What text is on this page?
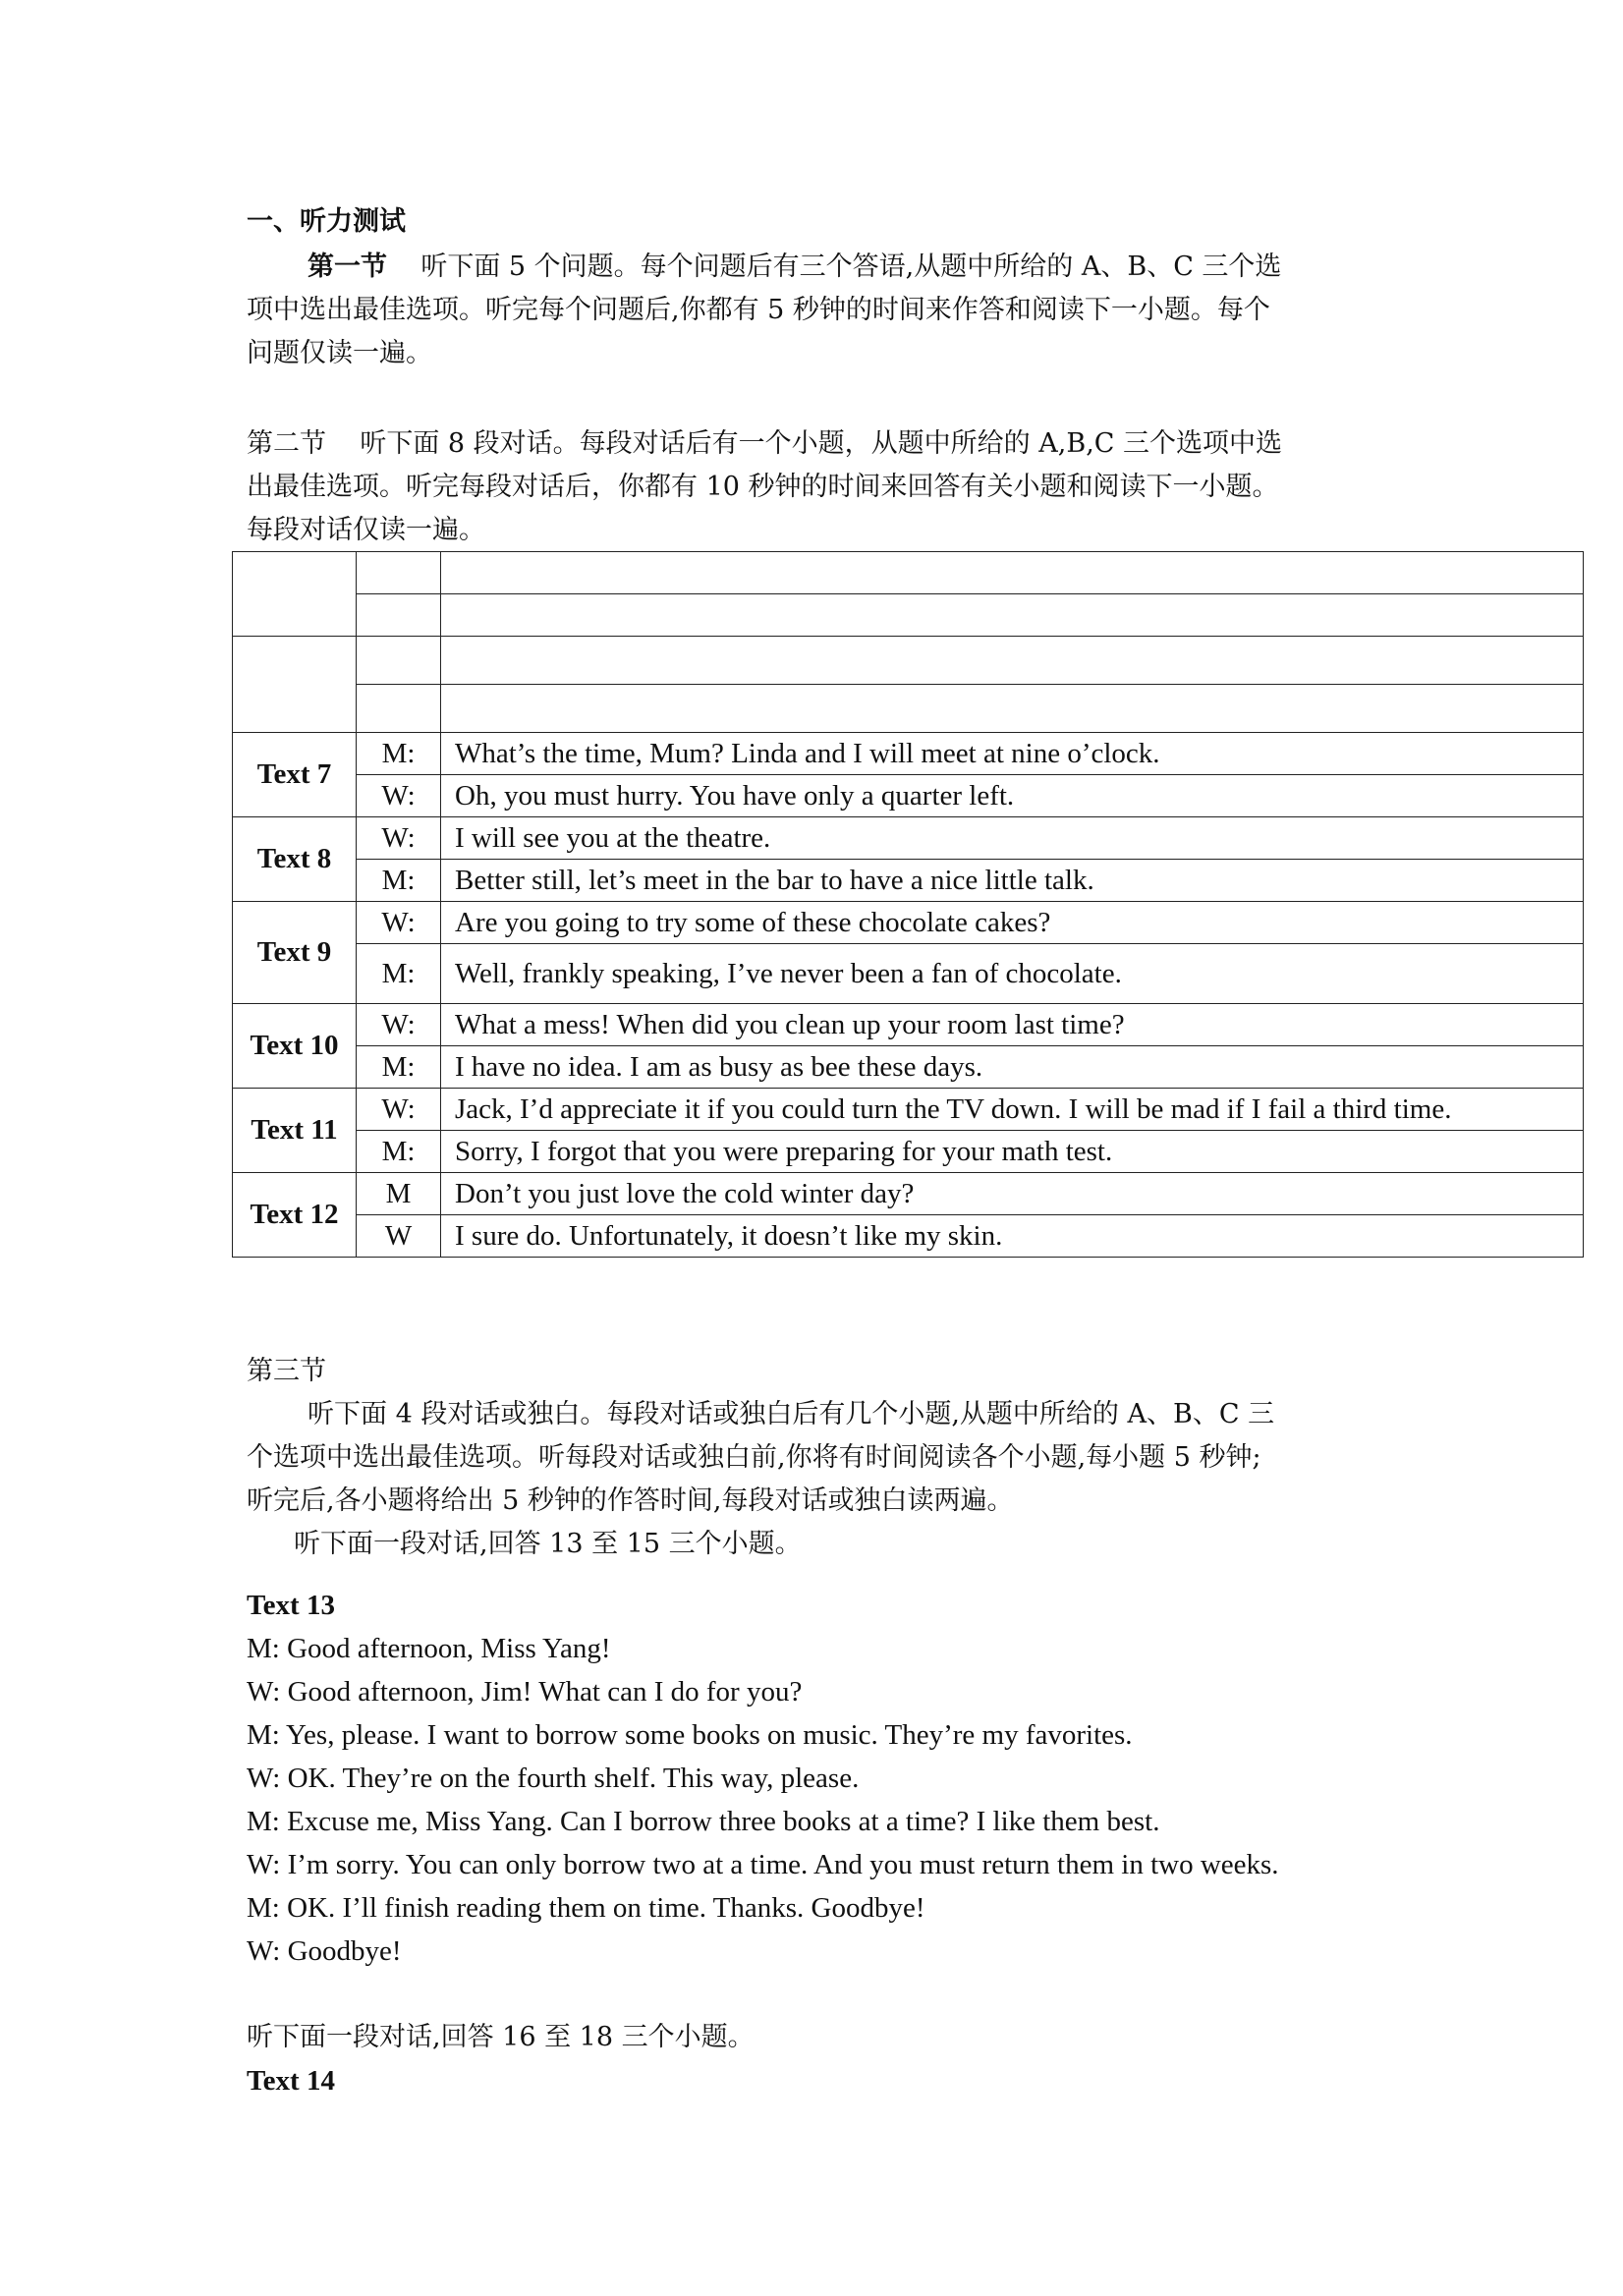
一、听力测试
第一节 听下面 5 个问题。每个问题后有三个答语,从题中所给的 A、B、C 三个选
项中选出最佳选项。听完每个问题后,你都有 5 秒钟的时间来作答和阅读下一小题。每个
问题仅读一遍。
第二节 听下面 8 段对话。每段对话后有一个小题，从题中所给的 A,B,C 三个选项中选
出最佳选项。听完每段对话后，你都有 10 秒钟的时间来回答有关小题和阅读下一小题。
每段对话仅读一遍。

Text 7	M:	What’s the time, Mum? Linda and I will meet at nine o’clock.
	W:	Oh, you must hurry. You have only a quarter left.
Text 8	W:	I will see you at the theatre.
	M:	Better still, let’s meet in the bar to have a nice little talk.
Text 9	W:	Are you going to try some of these chocolate cakes?
	M:	Well, frankly speaking, I’ve never been a fan of chocolate.
Text 10	W:	What a mess! When did you clean up your room last time?
	M:	I have no idea. I am as busy as bee these days.
Text 11	W:	Jack, I’d appreciate it if you could turn the TV down. I will be mad if I fail a third time.
	M:	Sorry, I forgot that you were preparing for your math test.
Text 12	M	Don’t you just love the cold winter day?
	W	I sure do. Unfortunately, it doesn’t like my skin.
第三节
听下面 4 段对话或独白。每段对话或独白后有几个小题,从题中所给的 A、B、C 三
个选项中选出最佳选项。听每段对话或独白前,你将有时间阅读各个小题,每小题 5 秒钟;
听完后,各小题将给出 5 秒钟的作答时间,每段对话或独白读两遍。
听下面一段对话,回答 13 至 15 三个小题。
Text 13
M: Good afternoon, Miss Yang!
W: Good afternoon, Jim! What can I do for you?
M: Yes, please. I want to borrow some books on music. They’re my favorites.
W: OK. They’re on the fourth shelf. This way, please.
M: Excuse me, Miss Yang. Can I borrow three books at a time? I like them best.
W: I’m sorry. You can only borrow two at a time. And you must return them in two weeks.
M: OK. I’ll finish reading them on time. Thanks. Goodbye!
W: Goodbye!
听下面一段对话,回答 16 至 18 三个小题。
Text 14
